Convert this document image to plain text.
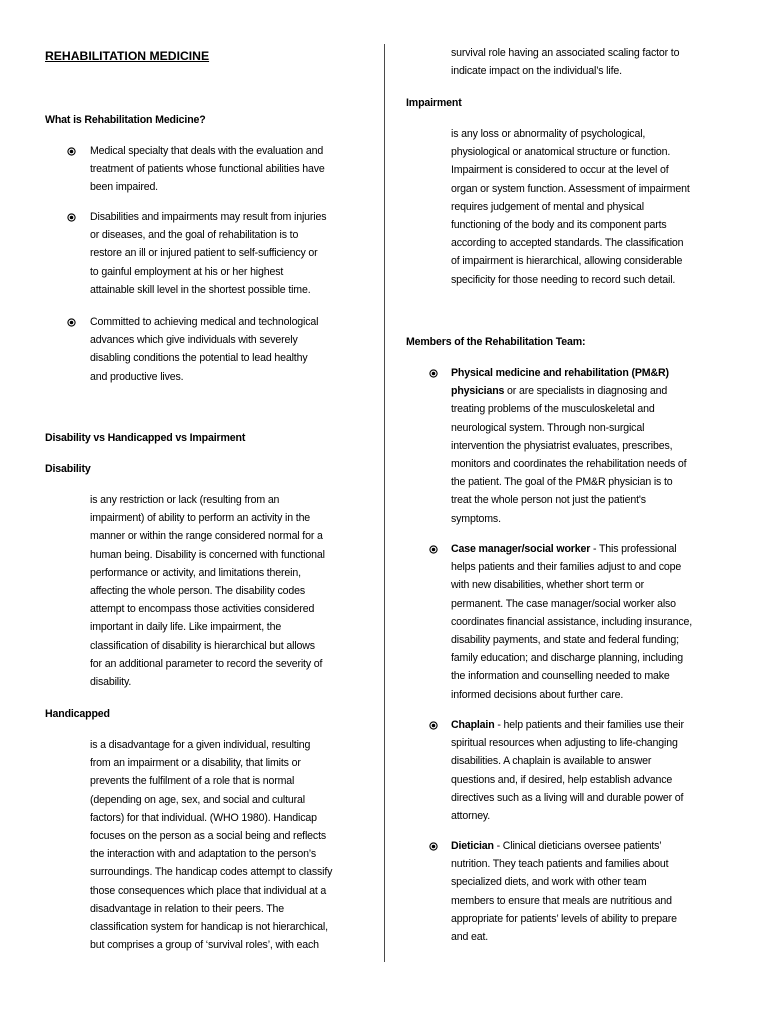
REHABILITATION MEDICINE

What is Rehabilitation Medicine?

Medical specialty that deals with the evaluation and

treatment of patients whose functional abilities have

been impaired.

Disabilities and impairments may result from injuries

or diseases, and the goal of rehabilitation is to

restore an ill or injured patient to self-sufficiency or

to gainful employment at his or her highest

attainable skill level in the shortest possible time.

Committed to achieving medical and technological

advances which give individuals with severely

disabling conditions the potential to lead healthy

and productive lives.

Disability vs Handicapped vs Impairment

Disability

is any restriction or lack (resulting from an

impairment) of ability to perform an activity in the

manner or within the range considered normal for a

human being. Disability is concerned with functional

performance or activity, and limitations therein,

affecting the whole person. The disability codes

attempt to encompass those activities considered

important in daily life. Like impairment, the

classification of disability is hierarchical but allows

for an additional parameter to record the severity of

disability.

Handicapped

is a disadvantage for a given individual, resulting

from an impairment or a disability, that limits or

prevents the fulfilment of a role that is normal

(depending on age, sex, and social and cultural

factors) for that individual. (WHO 1980). Handicap

focuses on the person as a social being and reflects

the interaction with and adaptation to the person’s

surroundings. The handicap codes attempt to classify

those consequences which place that individual at a

disadvantage in relation to their peers. The

classification system for handicap is not hierarchical,

but comprises a group of ‘survival roles’, with each

survival role having an associated scaling factor to

indicate impact on the individual’s life.

Impairment

is any loss or abnormality of psychological,

physiological or anatomical structure or function.

Impairment is considered to occur at the level of

organ or system function. Assessment of impairment

requires judgement of mental and physical

functioning of the body and its component parts

according to accepted standards. The classification

of impairment is hierarchical, allowing considerable

specificity for those needing to record such detail.

Members of the Rehabilitation Team:

Physical medicine and rehabilitation (PM&R)

physicians or are specialists in diagnosing and

treating problems of the musculoskeletal and

neurological system. Through non-surgical

intervention the physiatrist evaluates, prescribes,

monitors and coordinates the rehabilitation needs of

the patient. The goal of the PM&R physician is to

treat the whole person not just the patient's

symptoms.

Case manager/social worker - This professional

helps patients and their families adjust to and cope

with new disabilities, whether short term or

permanent. The case manager/social worker also

coordinates financial assistance, including insurance,

disability payments, and state and federal funding;

family education; and discharge planning, including

the information and counselling needed to make

informed decisions about further care.

Chaplain - help patients and their families use their

spiritual resources when adjusting to life-changing

disabilities. A chaplain is available to answer

questions and, if desired, help establish advance

directives such as a living will and durable power of

attorney.

Dietician - Clinical dieticians oversee patients’

nutrition. They teach patients and families about

specialized diets, and work with other team

members to ensure that meals are nutritious and

appropriate for patients’ levels of ability to prepare

and eat.
